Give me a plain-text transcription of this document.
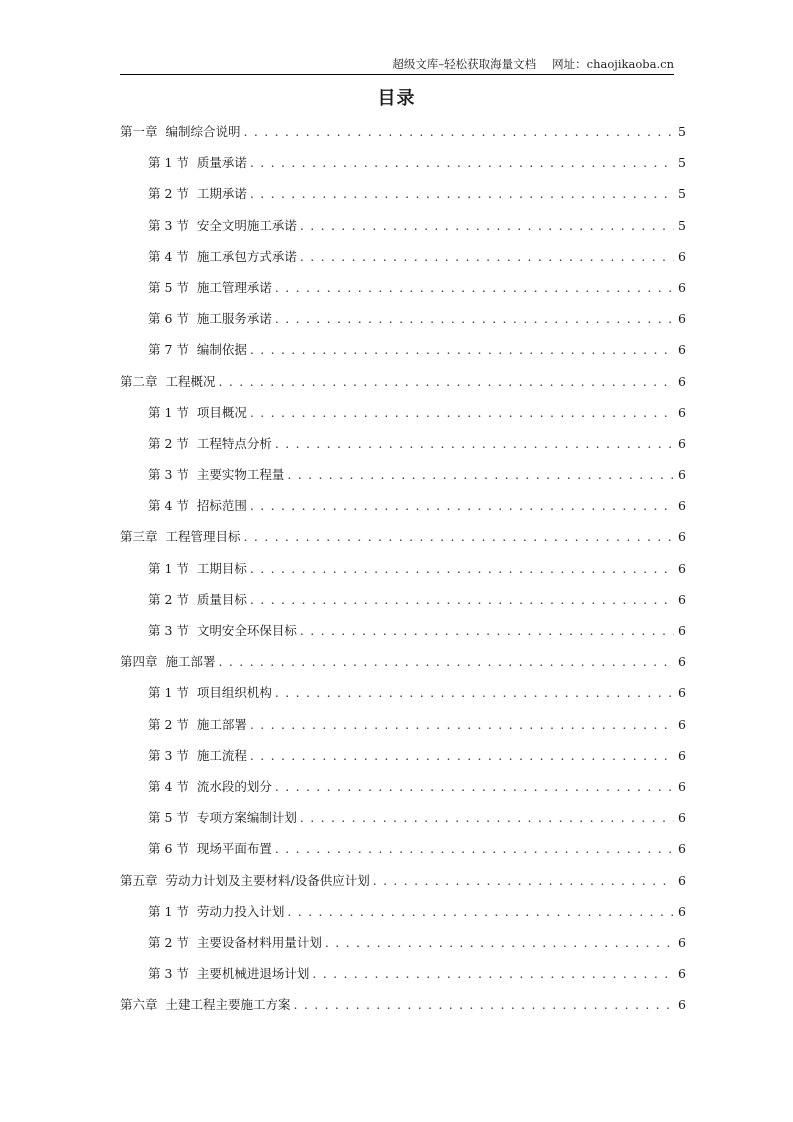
超级文库–轻松获取海量文档 网址：chaojikaoba.cn
目录
第一章 编制综合说明 . . .	5
第 1 节 质量承诺 . . .	5
第 2 节 工期承诺 . . .	5
第 3 节 安全文明施工承诺 . . .	5
第 4 节 施工承包方式承诺 . . .	6
第 5 节 施工管理承诺 . . .	6
第 6 节 施工服务承诺 . . .	6
第 7 节 编制依据 . . .	6
第二章 工程概况 . . .	6
第 1 节 项目概况 . . .	6
第 2 节 工程特点分析 . . .	6
第 3 节 主要实物工程量 . . .	6
第 4 节 招标范围 . . .	6
第三章 工程管理目标 . . .	6
第 1 节 工期目标 . . .	6
第 2 节 质量目标 . . .	6
第 3 节 文明安全环保目标 . . .	6
第四章 施工部署 . . .	6
第 1 节 项目组织机构 . . .	6
第 2 节 施工部署 . . .	6
第 3 节 施工流程 . . .	6
第 4 节 流水段的划分 . . .	6
第 5 节 专项方案编制计划 . . .	6
第 6 节 现场平面布置 . . .	6
第五章 劳动力计划及主要材料/设备供应计划 . . .	6
第 1 节 劳动力投入计划 . . .	6
第 2 节 主要设备材料用量计划 . . .	6
第 3 节 主要机械进退场计划 . . .	6
第六章 土建工程主要施工方案 . . .	6
